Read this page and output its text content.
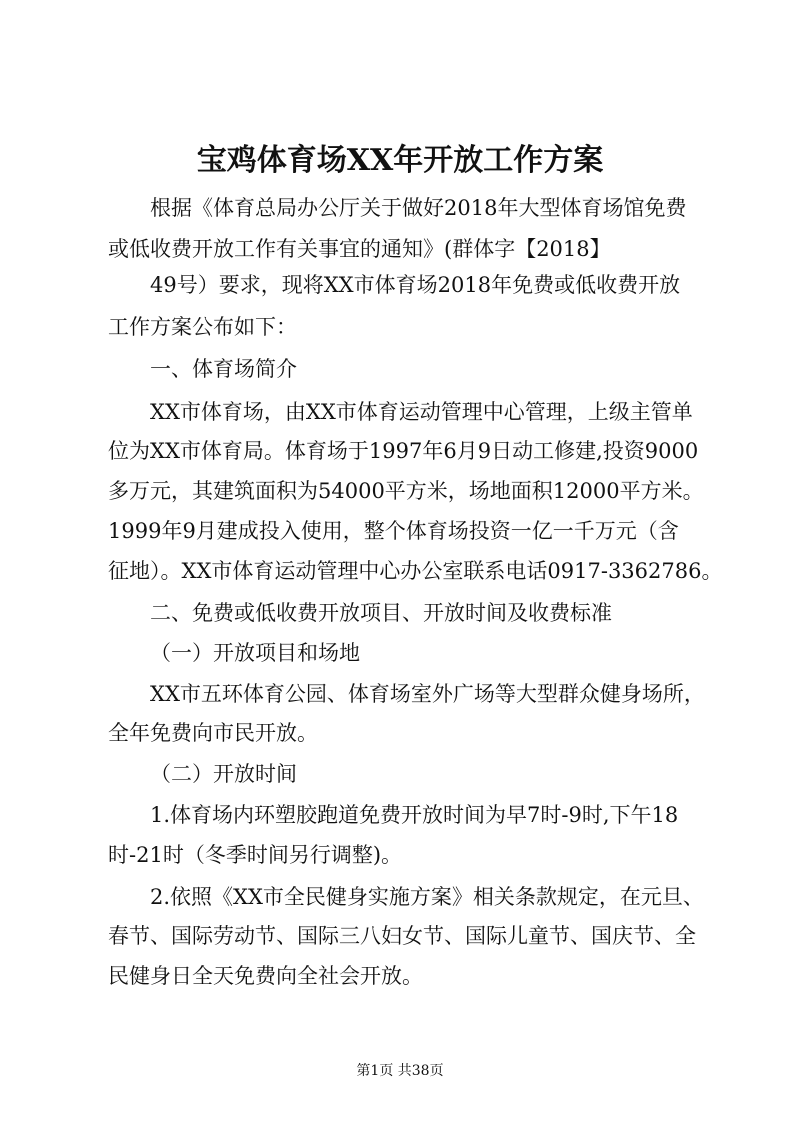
宝鸡体育场XX年开放工作方案
根据《体育总局办公厅关于做好2018年大型体育场馆免费
或低收费开放工作有关事宜的通知》(群体字【2018】
49号）要求，现将XX市体育场2018年免费或低收费开放
工作方案公布如下：
一、体育场简介
XX市体育场，由XX市体育运动管理中心管理，上级主管单
位为XX市体育局。体育场于1997年6月9日动工修建,投资9000
多万元，其建筑面积为54000平方米，场地面积12000平方米。
1999年9月建成投入使用，整个体育场投资一亿一千万元（含
征地）。XX市体育运动管理中心办公室联系电话0917-3362786。
二、免费或低收费开放项目、开放时间及收费标准
（一）开放项目和场地
XX市五环体育公园、体育场室外广场等大型群众健身场所，
全年免费向市民开放。
（二）开放时间
1.体育场内环塑胶跑道免费开放时间为早7时-9时,下午18
时-21时（冬季时间另行调整)。
2.依照《XX市全民健身实施方案》相关条款规定，在元旦、
春节、国际劳动节、国际三八妇女节、国际儿童节、国庆节、全
民健身日全天免费向全社会开放。
第1页 共38页
